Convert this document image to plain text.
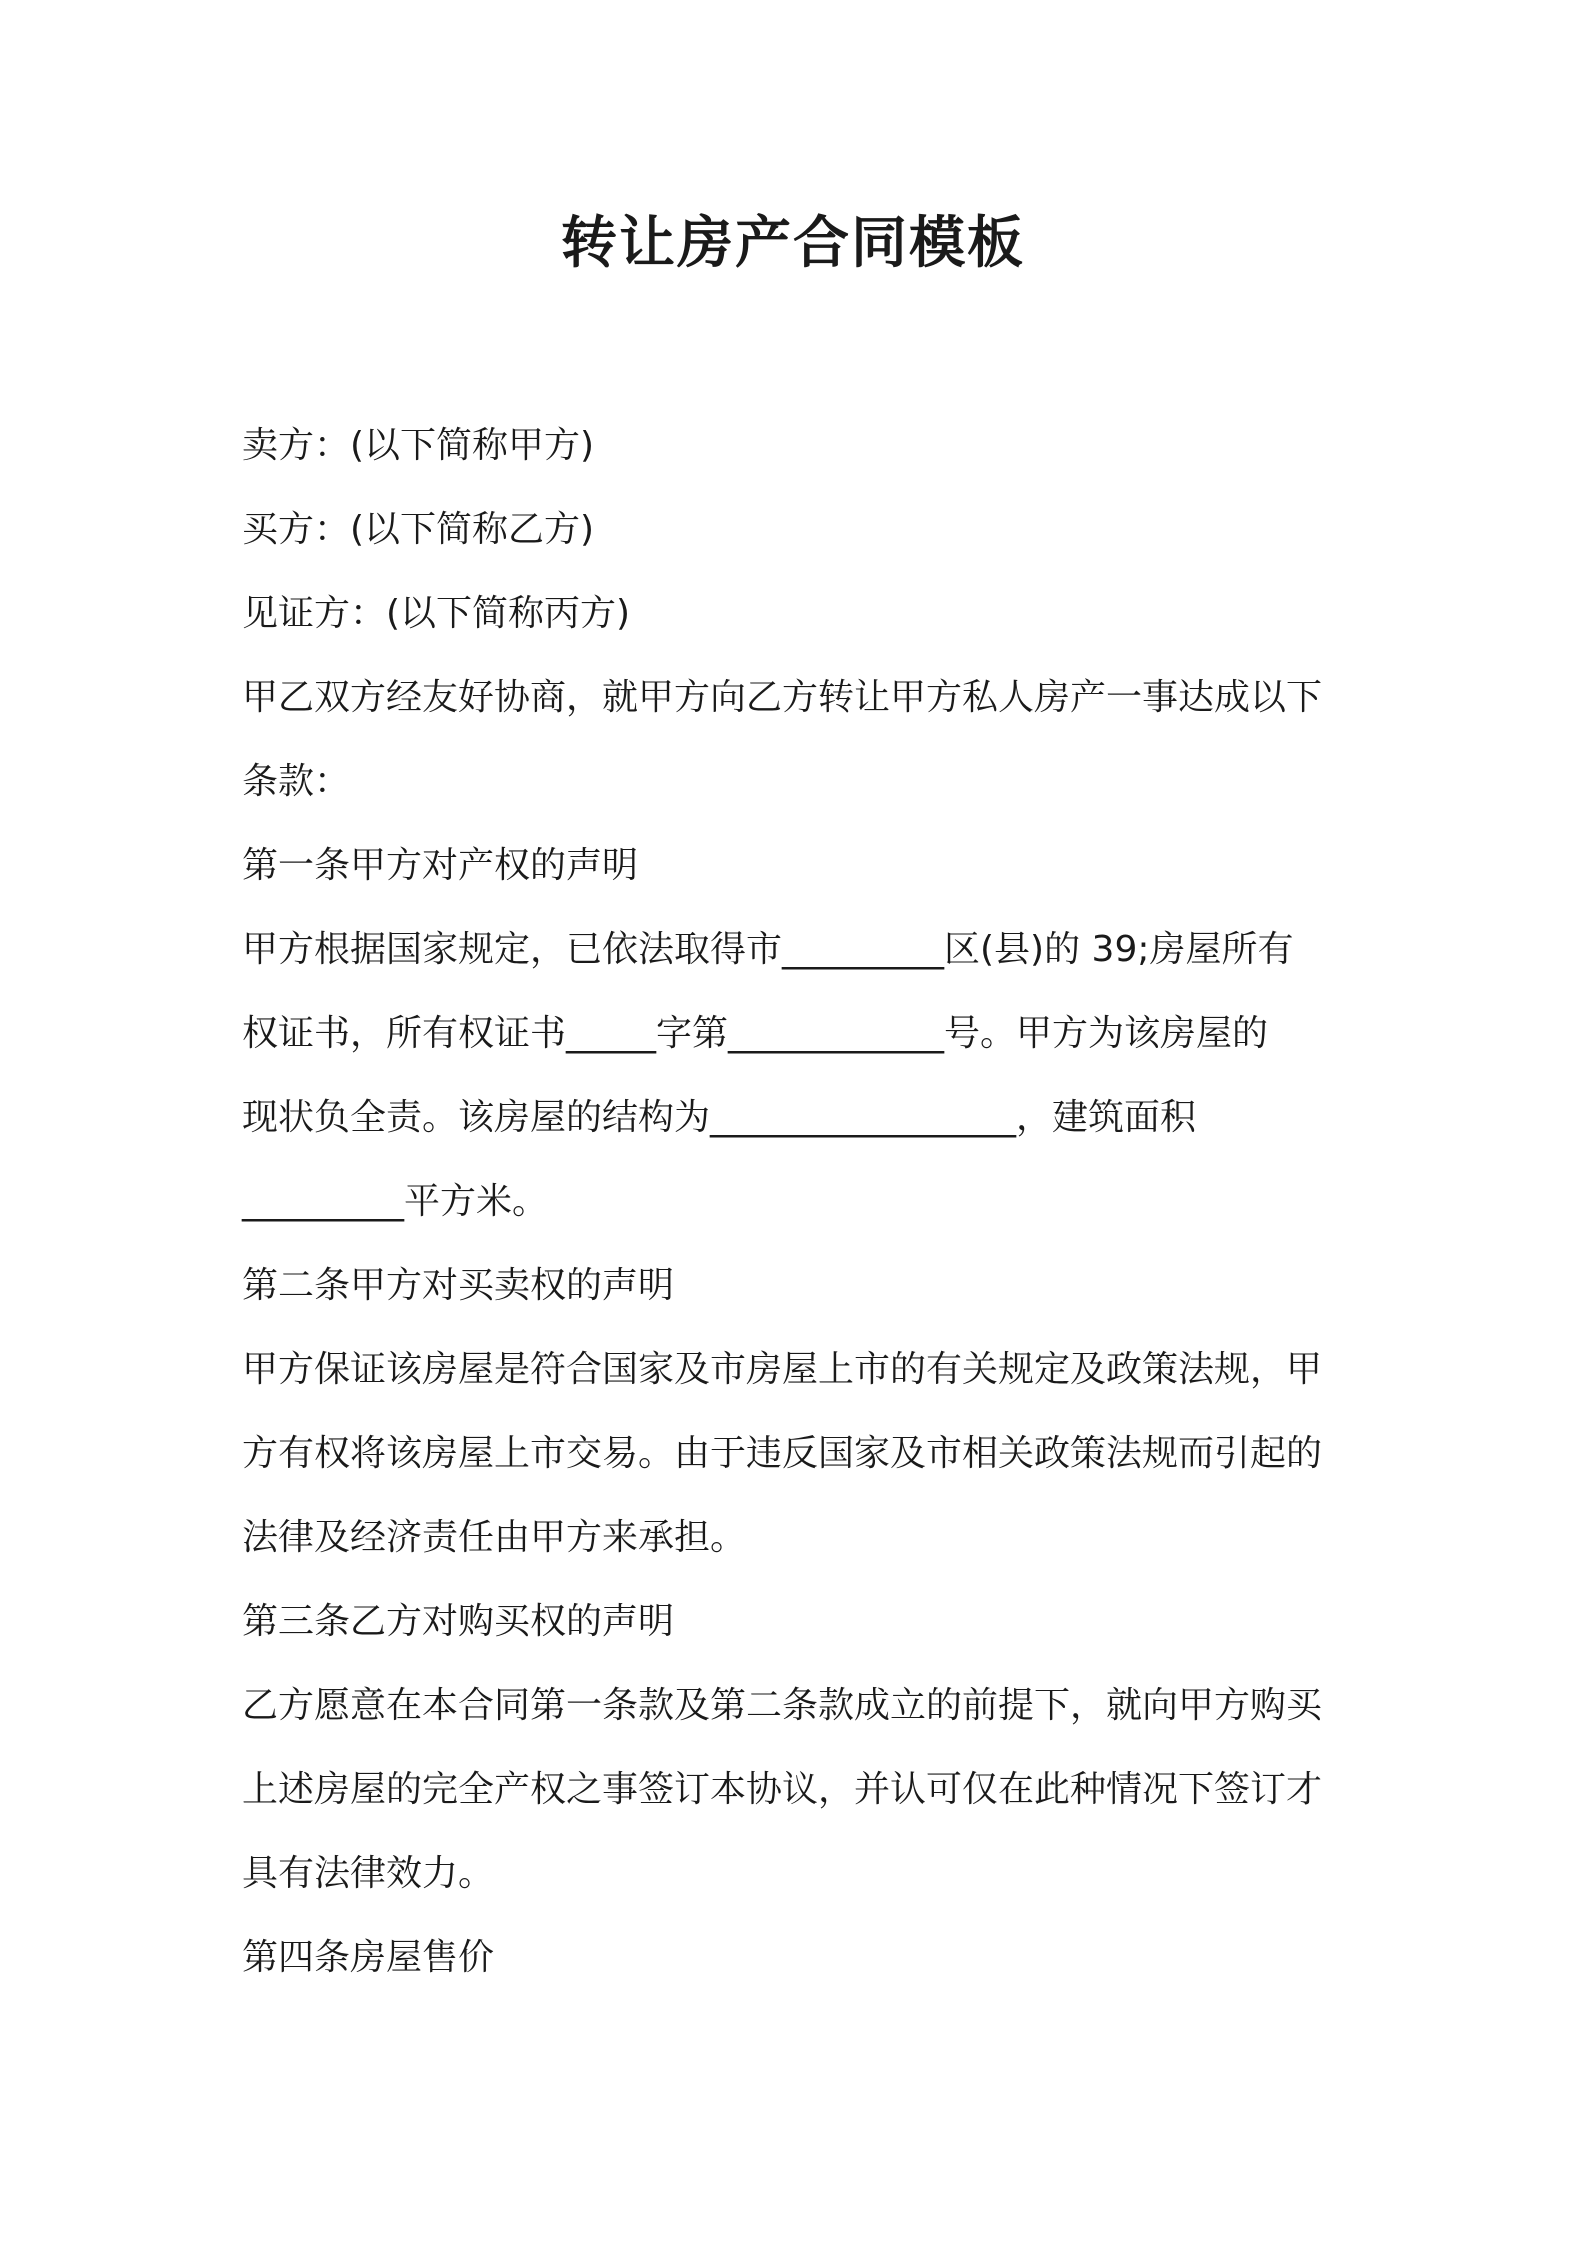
转让房产合同模板

卖方：(以下简称甲方)

买方：(以下简称乙方)

见证方：(以下简称丙方)

甲乙双方经友好协商，就甲方向乙方转让甲方私人房产一事达成以下

条款：

第一条甲方对产权的声明

甲方根据国家规定，已依法取得市_________区(县)的 39;房屋所有

权证书，所有权证书_____字第____________号。甲方为该房屋的

现状负全责。该房屋的结构为_________________，建筑面积

_________平方米。

第二条甲方对买卖权的声明

甲方保证该房屋是符合国家及市房屋上市的有关规定及政策法规，甲

方有权将该房屋上市交易。由于违反国家及市相关政策法规而引起的

法律及经济责任由甲方来承担。

第三条乙方对购买权的声明

乙方愿意在本合同第一条款及第二条款成立的前提下，就向甲方购买

上述房屋的完全产权之事签订本协议，并认可仅在此种情况下签订才

具有法律效力。

第四条房屋售价
